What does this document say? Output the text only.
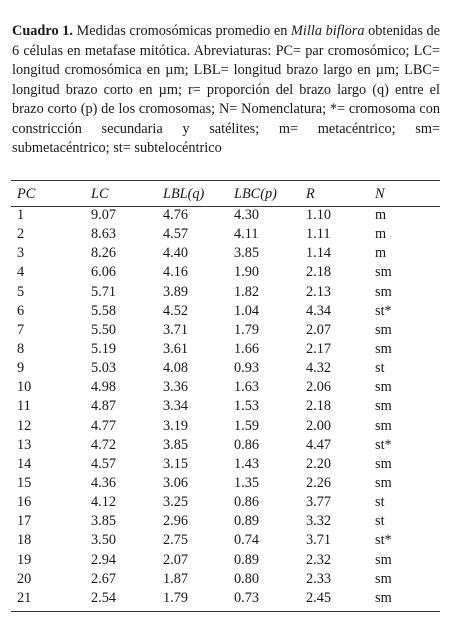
Cuadro 1. Medidas cromosómicas promedio en Milla biflora obtenidas de 6 células en metafase mitótica. Abreviaturas: PC= par cromosómico; LC= longitud cromosómica en µm; LBL= longitud brazo largo en µm; LBC= longitud brazo corto en µm; r= proporción del brazo largo (q) entre el brazo corto (p) de los cromosomas; N= Nomenclatura; *= cromosoma con constricción secundaria y satélites; m= metacéntrico; sm= submetacéntrico; st= subtelocéntrico

PC	LC	LBL(q)	LBC(p)	R	N
1	9.07	4.76	4.30	1.10	m
2	8.63	4.57	4.11	1.11	m
3	8.26	4.40	3.85	1.14	m
4	6.06	4.16	1.90	2.18	sm
5	5.71	3.89	1.82	2.13	sm
6	5.58	4.52	1.04	4.34	st*
7	5.50	3.71	1.79	2.07	sm
8	5.19	3.61	1.66	2.17	sm
9	5.03	4.08	0.93	4.32	st
10	4.98	3.36	1.63	2.06	sm
11	4.87	3.34	1.53	2.18	sm
12	4.77	3.19	1.59	2.00	sm
13	4.72	3.85	0.86	4.47	st*
14	4.57	3.15	1.43	2.20	sm
15	4.36	3.06	1.35	2.26	sm
16	4.12	3.25	0.86	3.77	st
17	3.85	2.96	0.89	3.32	st
18	3.50	2.75	0.74	3.71	st*
19	2.94	2.07	0.89	2.32	sm
20	2.67	1.87	0.80	2.33	sm
21	2.54	1.79	0.73	2.45	sm
